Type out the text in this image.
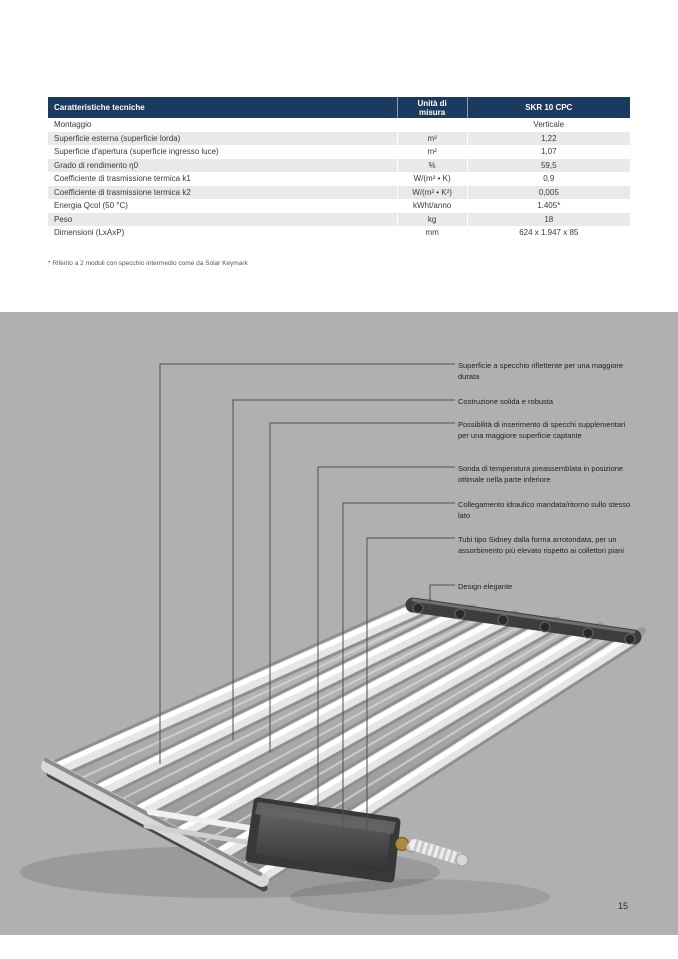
Caratteristiche tecniche	Unità di misura	SKR 10 CPC
Montaggio		Verticale
Superficie esterna (superficie lorda)	m²	1,22
Superficie d'apertura (superficie ingresso luce)	m²	1,07
Grado di rendimento η0	%	59,5
Coefficiente di trasmissione termica k1	W/(m² • K)	0,9
Coefficiente di trasmissione termica k2	W/(m² • K²)	0,005
Energia Qcol (50 °C)	kWht/anno	1.405*
Peso	kg	18
Dimensioni (LxAxP)	mm	624 x 1.947 x 85
* Riferito a 2 moduli con specchio intermedio come da Solar Keymark
Superficie a specchio riflettente per una maggiore durata
Costruzione solida e robusta
Possibilità di inserimento di specchi supplementari per una maggiore superficie captante
Sonda di temperatura preassemblata in posizione ottimale nella parte inferiore
Collegamento idraulico mandata/ritorno sullo stesso lato
Tubi tipo Sidney dalla forma arrotondata, per un assorbimento più elevato rispetto ai collettori piani
Design elegante
15
